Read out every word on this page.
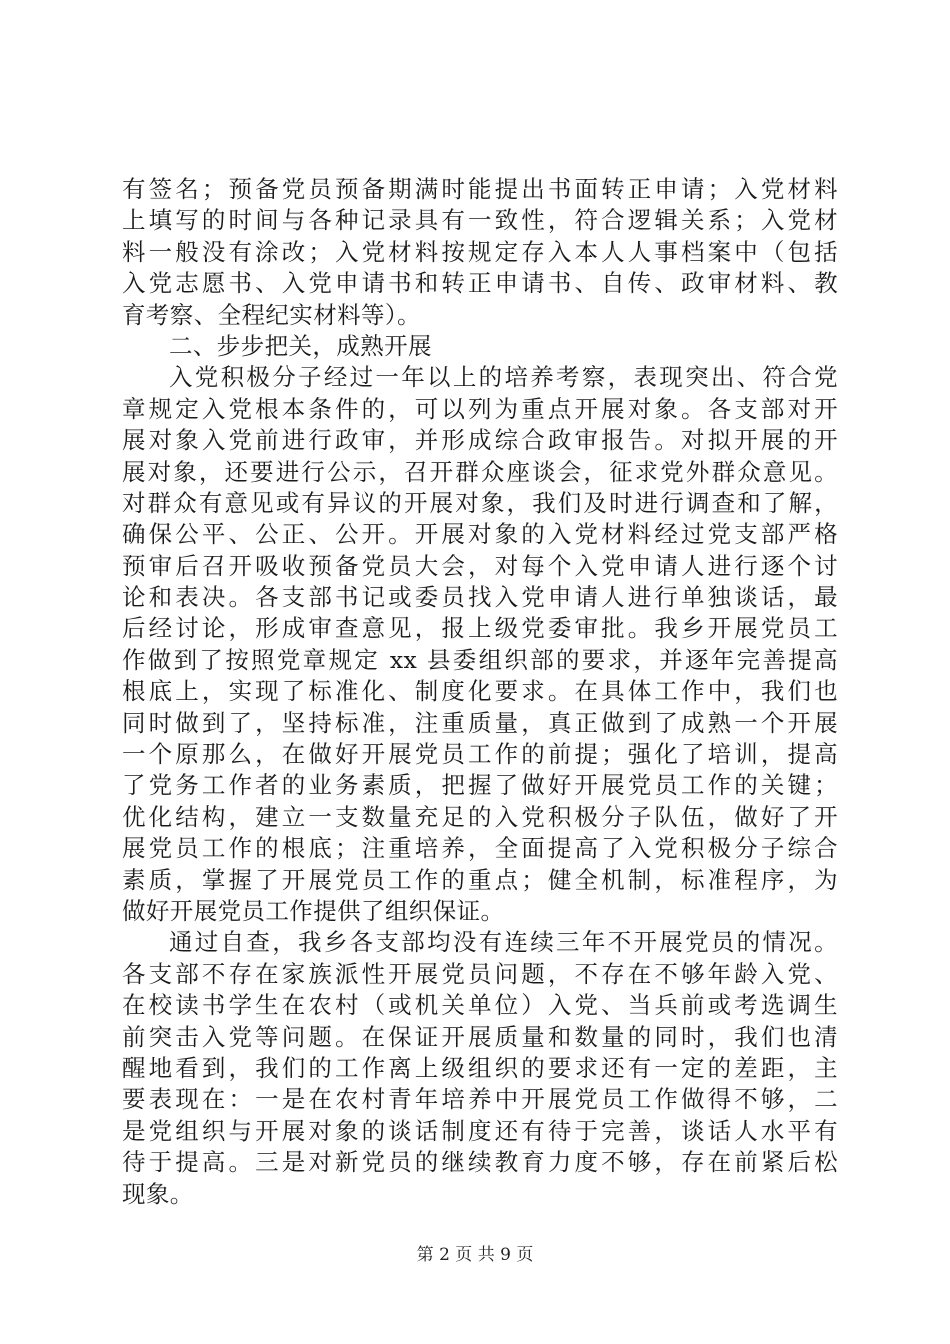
有签名；预备党员预备期满时能提出书面转正申请；入党材料
上填写的时间与各种记录具有一致性，符合逻辑关系；入党材
料一般没有涂改；入党材料按规定存入本人人事档案中（包括
入党志愿书、入党申请书和转正申请书、自传、政审材料、教
育考察、全程纪实材料等）。
二、步步把关，成熟开展
入党积极分子经过一年以上的培养考察，表现突出、符合党
章规定入党根本条件的，可以列为重点开展对象。各支部对开
展对象入党前进行政审，并形成综合政审报告。对拟开展的开
展对象，还要进行公示，召开群众座谈会，征求党外群众意见。
对群众有意见或有异议的开展对象，我们及时进行调查和了解，
确保公平、公正、公开。开展对象的入党材料经过党支部严格
预审后召开吸收预备党员大会，对每个入党申请人进行逐个讨
论和表决。各支部书记或委员找入党申请人进行单独谈话，最
后经讨论，形成审查意见，报上级党委审批。我乡开展党员工
作做到了按照党章规定 xx 县委组织部的要求，并逐年完善提高
根底上，实现了标准化、制度化要求。在具体工作中，我们也
同时做到了，坚持标准，注重质量，真正做到了成熟一个开展
一个原那么，在做好开展党员工作的前提；强化了培训，提高
了党务工作者的业务素质，把握了做好开展党员工作的关键；
优化结构，建立一支数量充足的入党积极分子队伍，做好了开
展党员工作的根底；注重培养，全面提高了入党积极分子综合
素质，掌握了开展党员工作的重点；健全机制，标准程序，为
做好开展党员工作提供了组织保证。
通过自查，我乡各支部均没有连续三年不开展党员的情况。
各支部不存在家族派性开展党员问题，不存在不够年龄入党、
在校读书学生在农村（或机关单位）入党、当兵前或考选调生
前突击入党等问题。在保证开展质量和数量的同时，我们也清
醒地看到，我们的工作离上级组织的要求还有一定的差距，主
要表现在：一是在农村青年培养中开展党员工作做得不够，二
是党组织与开展对象的谈话制度还有待于完善，谈话人水平有
待于提高。三是对新党员的继续教育力度不够，存在前紧后松
现象。
第 2 页 共 9 页
